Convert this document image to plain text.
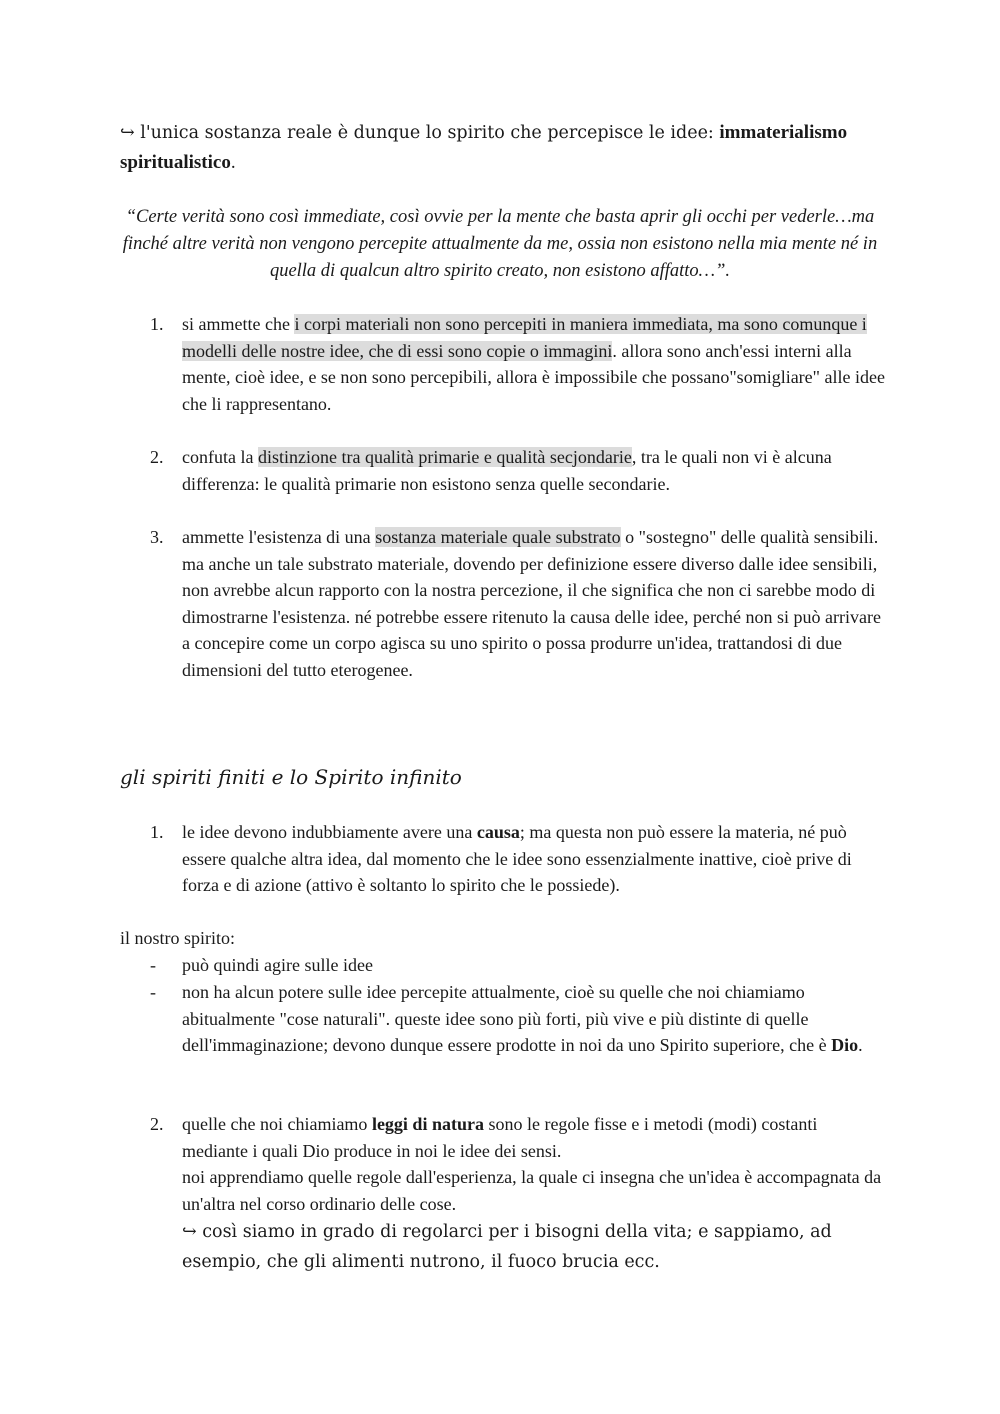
↪ l'unica sostanza reale è dunque lo spirito che percepisce le idee: immaterialismo spiritualistico.
“Certe verità sono così immediate, così ovvie per la mente che basta aprir gli occhi per vederle…ma finché altre verità non vengono percepite attualmente da me, ossia non esistono nella mia mente né in quella di qualcun altro spirito creato, non esistono affatto…”.
1. si ammette che i corpi materiali non sono percepiti in maniera immediata, ma sono comunque i modelli delle nostre idee, che di essi sono copie o immagini. allora sono anch'essi interni alla mente, cioè idee, e se non sono percepibili, allora è impossibile che possano"somigliare" alle idee che li rappresentano.
2. confuta la distinzione tra qualità primarie e qualità secjondarie, tra le quali non vi è alcuna differenza: le qualità primarie non esistono senza quelle secondarie.
3. ammette l'esistenza di una sostanza materiale quale substrato o "sostegno" delle qualità sensibili. ma anche un tale substrato materiale, dovendo per definizione essere diverso dalle idee sensibili, non avrebbe alcun rapporto con la nostra percezione, il che significa che non ci sarebbe modo di dimostrarne l'esistenza. né potrebbe essere ritenuto la causa delle idee, perché non si può arrivare a concepire come un corpo agisca su uno spirito o possa produrre un'idea, trattandosi di due dimensioni del tutto eterogenee.
gli spiriti finiti e lo Spirito infinito
1. le idee devono indubbiamente avere una causa; ma questa non può essere la materia, né può essere qualche altra idea, dal momento che le idee sono essenzialmente inattive, cioè prive di forza e di azione (attivo è soltanto lo spirito che le possiede).
il nostro spirito:
- può quindi agire sulle idee
- non ha alcun potere sulle idee percepite attualmente, cioè su quelle che noi chiamiamo abitualmente "cose naturali". queste idee sono più forti, più vive e più distinte di quelle dell'immaginazione; devono dunque essere prodotte in noi da uno Spirito superiore, che è Dio.
2. quelle che noi chiamiamo leggi di natura sono le regole fisse e i metodi (modi) costanti mediante i quali Dio produce in noi le idee dei sensi.
noi apprendiamo quelle regole dall'esperienza, la quale ci insegna che un'idea è accompagnata da un'altra nel corso ordinario delle cose.
↪ così siamo in grado di regolarci per i bisogni della vita; e sappiamo, ad esempio, che gli alimenti nutrono, il fuoco brucia ecc.
